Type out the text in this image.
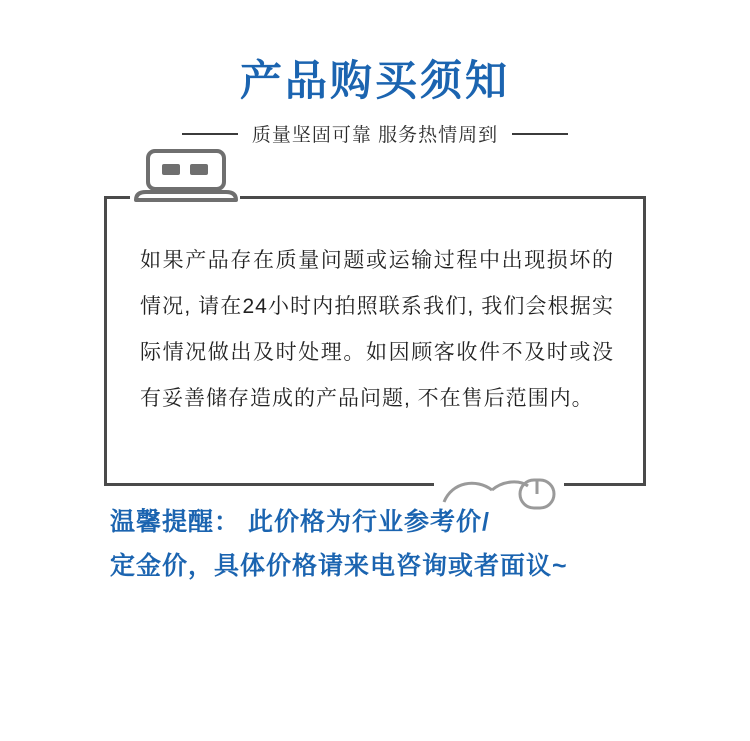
产品购买须知
质量坚固可靠 服务热情周到
如果产品存在质量问题或运输过程中出现损坏的情况, 请在24小时内拍照联系我们, 我们会根据实际情况做出及时处理。如因顾客收件不及时或没有妥善储存造成的产品问题, 不在售后范围内。
温馨提醒： 此价格为行业参考价/
定金价，具体价格请来电咨询或者面议~
